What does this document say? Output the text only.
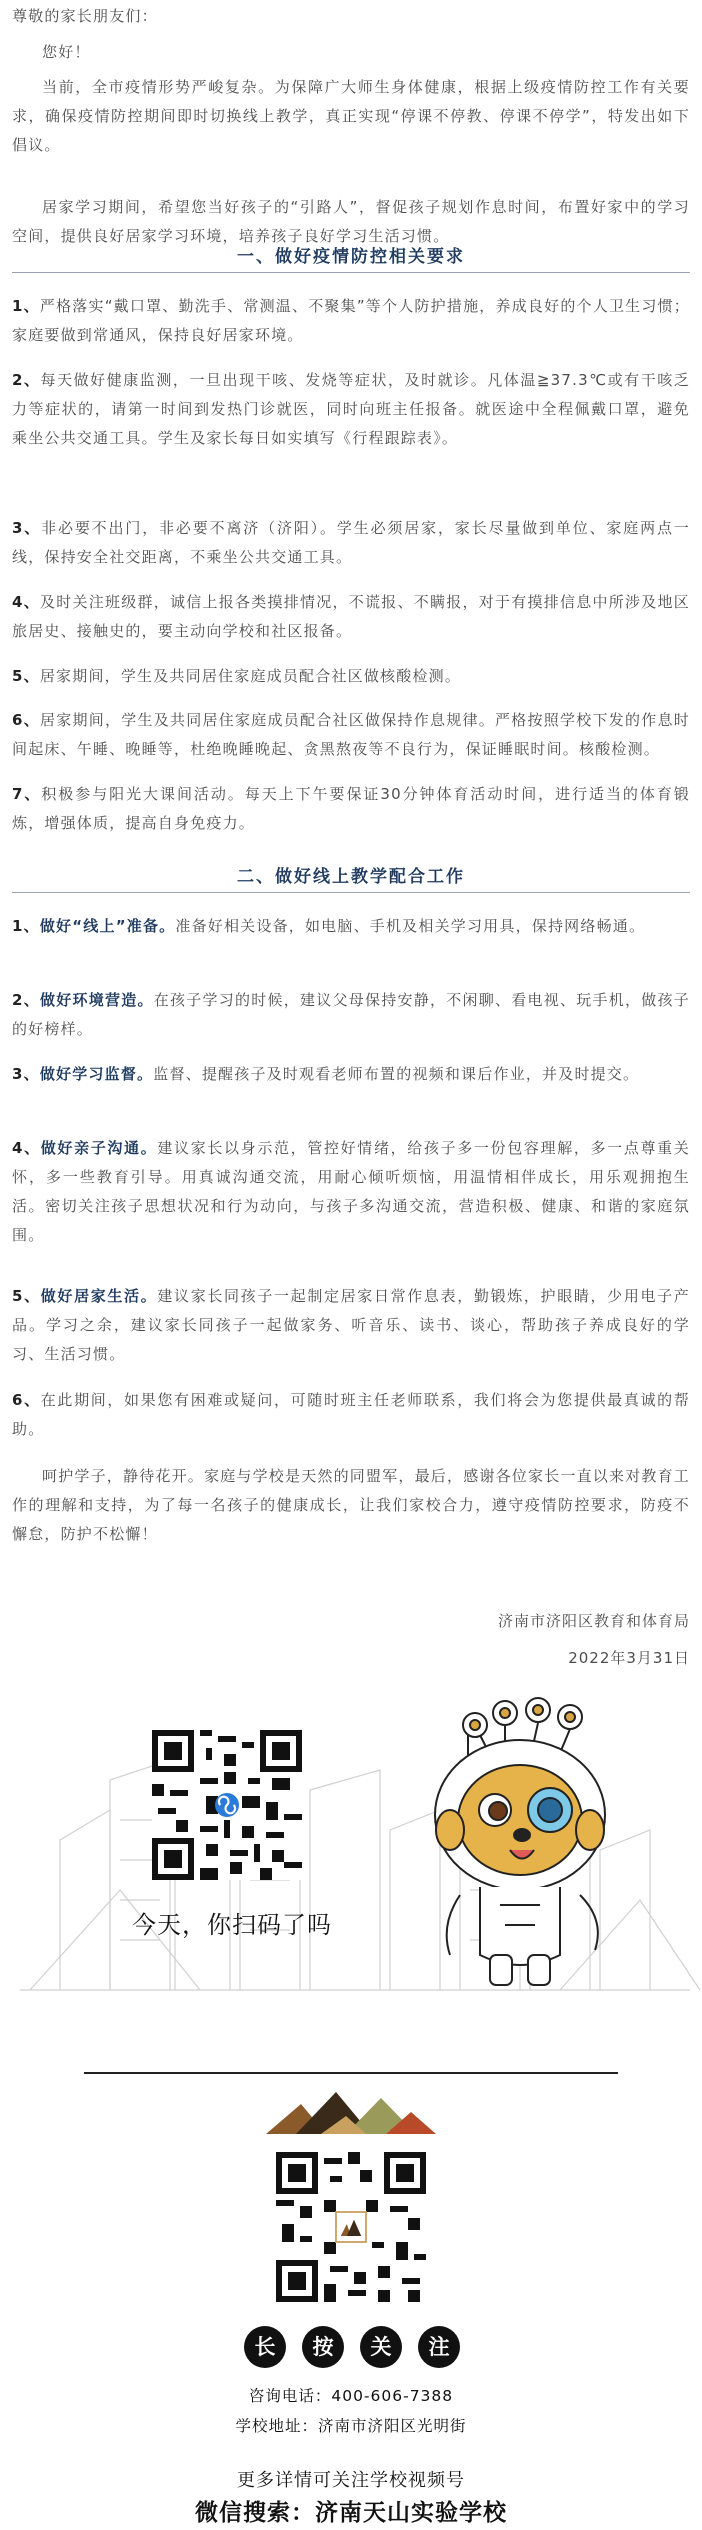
尊敬的家长朋友们：

您好！

当前，全市疫情形势严峻复杂。为保障广大师生身体健康，根据上级疫情防控工作有关要求，确保疫情防控期间即时切换线上教学，真正实现“停课不停教、停课不停学”，特发出如下倡议。

居家学习期间，希望您当好孩子的“引路人”，督促孩子规划作息时间，布置好家中的学习空间，提供良好居家学习环境，培养孩子良好学习生活习惯。

一、做好疫情防控相关要求

1、严格落实“戴口罩、勤洗手、常测温、不聚集”等个人防护措施，养成良好的个人卫生习惯；家庭要做到常通风，保持良好居家环境。

2、每天做好健康监测，一旦出现干咳、发烧等症状，及时就诊。凡体温≧37.3℃或有干咳乏力等症状的，请第一时间到发热门诊就医，同时向班主任报备。就医途中全程佩戴口罩，避免乘坐公共交通工具。学生及家长每日如实填写《行程跟踪表》。

3、非必要不出门，非必要不离济（济阳）。学生必须居家，家长尽量做到单位、家庭两点一线，保持安全社交距离，不乘坐公共交通工具。

4、及时关注班级群，诚信上报各类摸排情况，不谎报、不瞒报，对于有摸排信息中所涉及地区旅居史、接触史的，要主动向学校和社区报备。

5、居家期间，学生及共同居住家庭成员配合社区做核酸检测。

6、居家期间，学生及共同居住家庭成员配合社区做保持作息规律。严格按照学校下发的作息时间起床、午睡、晚睡等，杜绝晚睡晚起、贪黑熬夜等不良行为，保证睡眠时间。核酸检测。

7、积极参与阳光大课间活动。每天上下午要保证30分钟体育活动时间，进行适当的体育锻炼，增强体质，提高自身免疫力。

二、做好线上教学配合工作

1、做好“线上”准备。准备好相关设备，如电脑、手机及相关学习用具，保持网络畅通。

2、做好环境营造。在孩子学习的时候，建议父母保持安静，不闲聊、看电视、玩手机，做孩子的好榜样。

3、做好学习监督。监督、提醒孩子及时观看老师布置的视频和课后作业，并及时提交。

4、做好亲子沟通。建议家长以身示范，管控好情绪，给孩子多一份包容理解，多一点尊重关怀，多一些教育引导。用真诚沟通交流，用耐心倾听烦恼，用温情相伴成长，用乐观拥抱生活。密切关注孩子思想状况和行为动向，与孩子多沟通交流，营造积极、健康、和谐的家庭氛围。

5、做好居家生活。建议家长同孩子一起制定居家日常作息表，勤锻炼，护眼睛，少用电子产品。学习之余，建议家长同孩子一起做家务、听音乐、读书、谈心，帮助孩子养成良好的学习、生活习惯。

6、在此期间，如果您有困难或疑问，可随时班主任老师联系，我们将会为您提供最真诚的帮助。

呵护学子，静待花开。家庭与学校是天然的同盟军，最后，感谢各位家长一直以来对教育工作的理解和支持，为了每一名孩子的健康成长，让我们家校合力，遵守疫情防控要求，防疫不懈怠，防护不松懈！

济南市济阳区教育和体育局
2022年3月31日
今天，你扫码了吗
长	按	关	注
咨询电话：400-606-7388
学校地址：济南市济阳区光明街
更多详情可关注学校视频号
微信搜索：济南天山实验学校
